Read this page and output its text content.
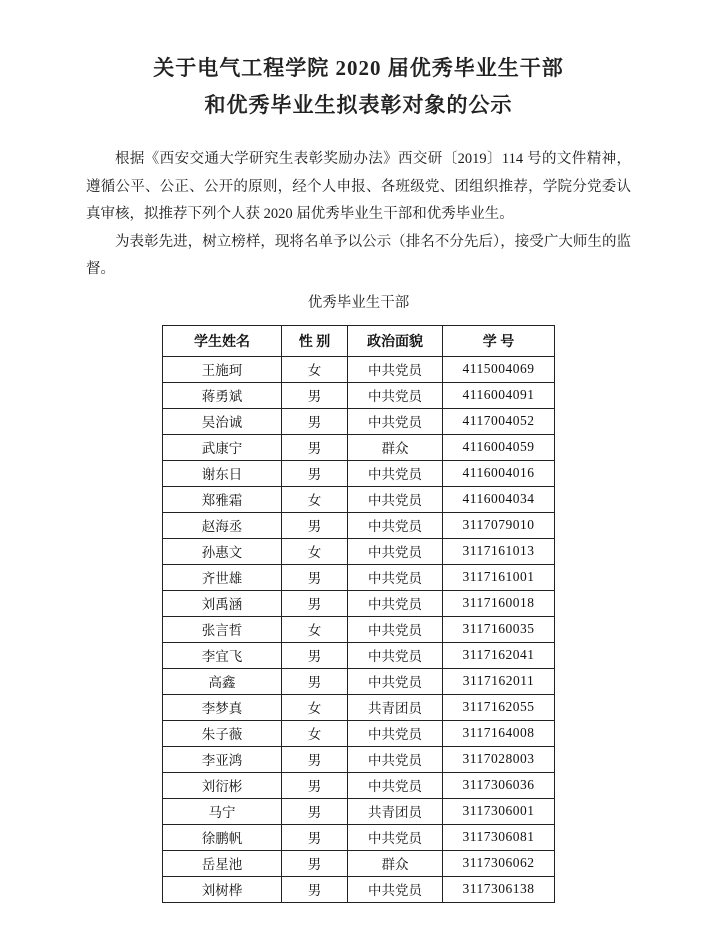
关于电气工程学院 2020 届优秀毕业生干部
和优秀毕业生拟表彰对象的公示

根据《西安交通大学研究生表彰奖励办法》西交研〔2019〕114 号的文件精神，遵循公平、公正、公开的原则，经个人申报、各班级党、团组织推荐，学院分党委认真审核，拟推荐下列个人获 2020 届优秀毕业生干部和优秀毕业生。

为表彰先进，树立榜样，现将名单予以公示（排名不分先后），接受广大师生的监督。

优秀毕业生干部
学生姓名	性 别	政治面貌	学 号
王施珂	女	中共党员	4115004069
蒋勇斌	男	中共党员	4116004091
吴治诚	男	中共党员	4117004052
武康宁	男	群众	4116004059
谢东日	男	中共党员	4116004016
郑雅霜	女	中共党员	4116004034
赵海丞	男	中共党员	3117079010
孙惠文	女	中共党员	3117161013
齐世雄	男	中共党员	3117161001
刘禹涵	男	中共党员	3117160018
张言哲	女	中共党员	3117160035
李宜飞	男	中共党员	3117162041
高鑫	男	中共党员	3117162011
李梦真	女	共青团员	3117162055
朱子薇	女	中共党员	3117164008
李亚鸿	男	中共党员	3117028003
刘衍彬	男	中共党员	3117306036
马宁	男	共青团员	3117306001
徐鹏帆	男	中共党员	3117306081
岳星池	男	群众	3117306062
刘树桦	男	中共党员	3117306138
